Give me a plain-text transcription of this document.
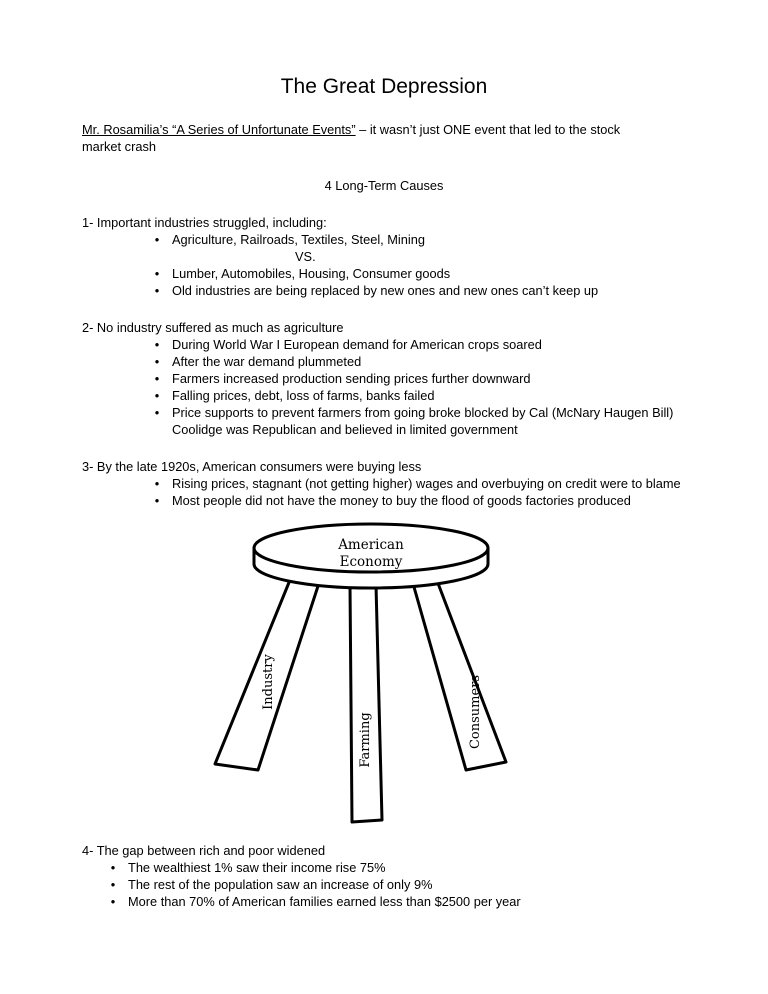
The Great Depression
Mr. Rosamilia’s “A Series of Unfortunate Events” – it wasn’t just ONE event that led to the stock
market crash
4 Long-Term Causes
1- Important industries struggled, including:
• Agriculture, Railroads, Textiles, Steel, Mining
VS.
• Lumber, Automobiles, Housing, Consumer goods
• Old industries are being replaced by new ones and new ones can’t keep up
2- No industry suffered as much as agriculture
• During World War I European demand for American crops soared
• After the war demand plummeted
• Farmers increased production sending prices further downward
• Falling prices, debt, loss of farms, banks failed
• Price supports to prevent farmers from going broke blocked by Cal (McNary Haugen Bill)
Coolidge was Republican and believed in limited government
3- By the late 1920s, American consumers were buying less
• Rising prices, stagnant (not getting higher) wages and overbuying on credit were to blame
• Most people did not have the money to buy the flood of goods factories produced
American
Economy
Industry
Farming	Consumers
4- The gap between rich and poor widened
• The wealthiest 1% saw their income rise 75%
• The rest of the population saw an increase of only 9%
• More than 70% of American families earned less than $2500 per year
